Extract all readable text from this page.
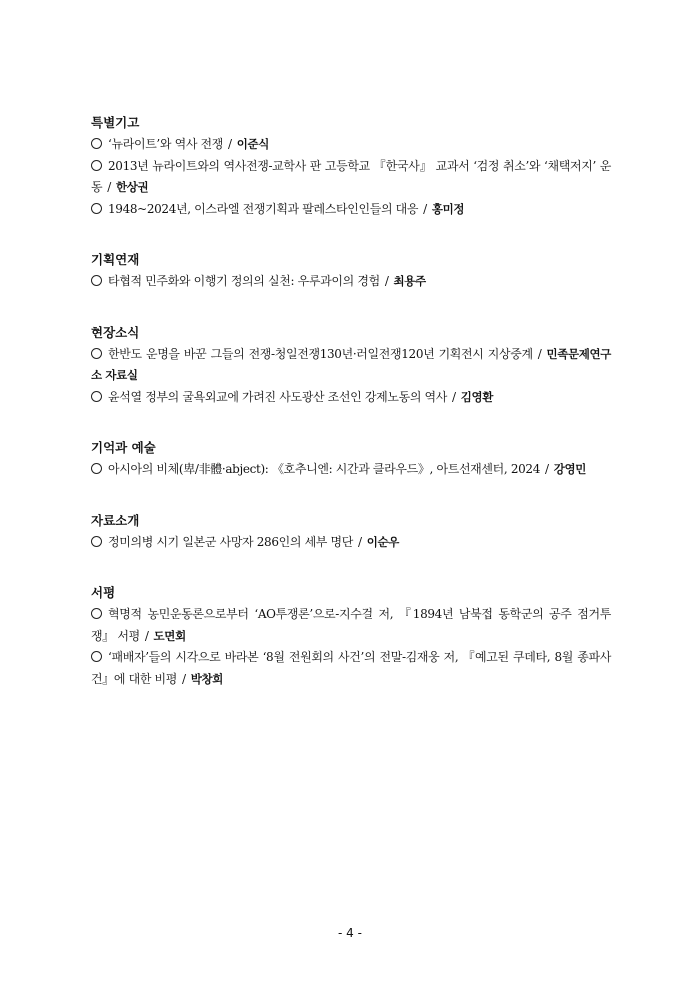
특별기고
‘뉴라이트’와 역사 전쟁 / 이준식
2013년 뉴라이트와의 역사전쟁-교학사 판 고등학교 『한국사』 교과서 ‘검정 취소’와 ‘채택저지’ 운동 / 한상권
1948~2024년, 이스라엘 전쟁기획과 팔레스타인인들의 대응 / 홍미정
기획연재
타협적 민주화와 이행기 정의의 실천: 우루과이의 경험 / 최용주
현장소식
한반도 운명을 바꾼 그들의 전쟁-청일전쟁130년·러일전쟁120년 기획전시 지상중계 / 민족문제연구소 자료실
윤석열 정부의 굴욕외교에 가려진 사도광산 조선인 강제노동의 역사 / 김영환
기억과 예술
아시아의 비체(卑/非體·abject): 《호추니엔: 시간과 클라우드》, 아트선재센터, 2024 / 강영민
자료소개
정미의병 시기 일본군 사망자 286인의 세부 명단 / 이순우
서평
혁명적 농민운동론으로부터 ‘AO투쟁론’으로-지수걸 저, 『1894년 남북접 동학군의 공주 점거투쟁』 서평 / 도면회
‘패배자’들의 시각으로 바라본 ‘8월 전원회의 사건’의 전말-김재웅 저, 『예고된 쿠데타, 8월 종파사건』에 대한 비평 / 박창희
- 4 -
